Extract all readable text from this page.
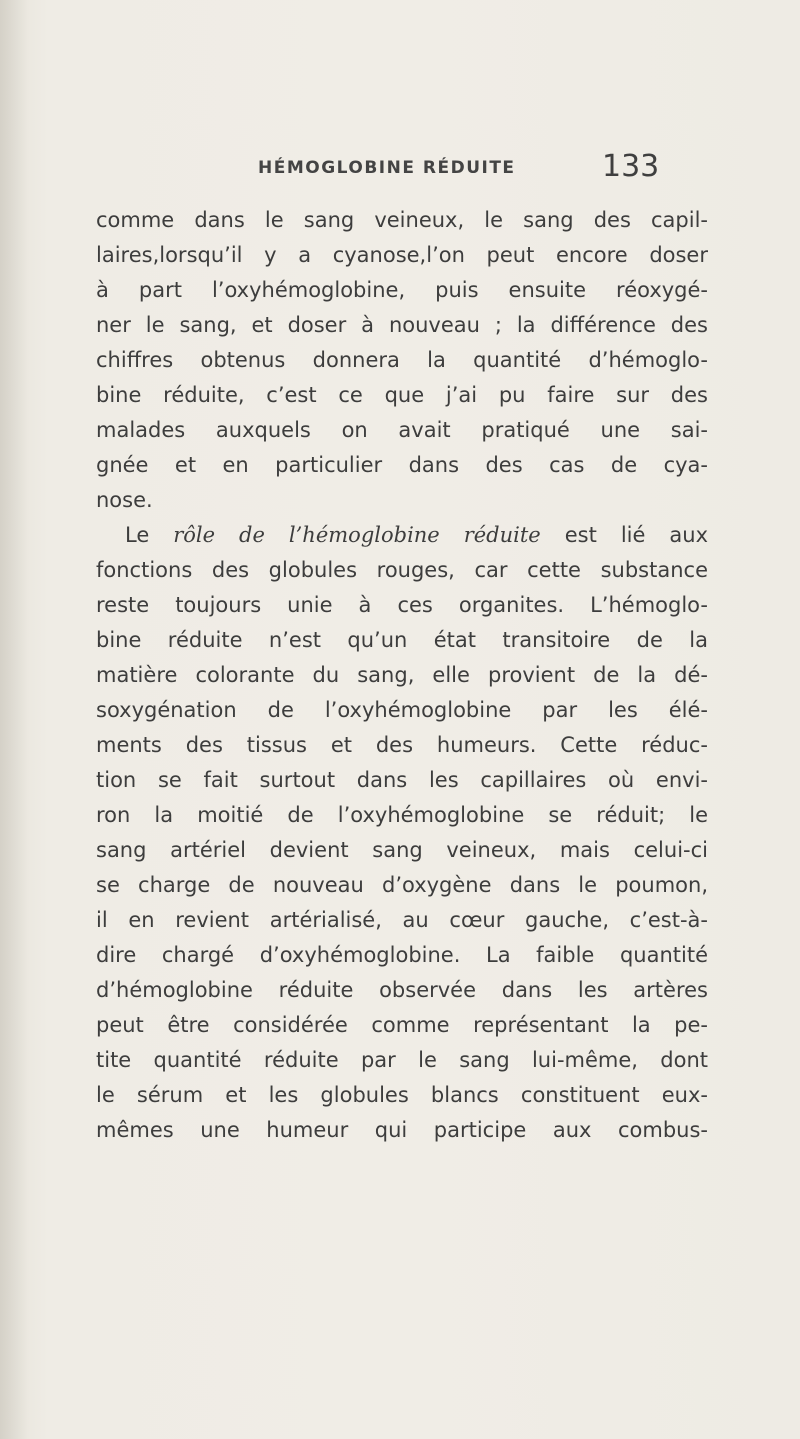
HÉMOGLOBINE RÉDUITE	133
comme dans le sang veineux, le sang des capil-
laires,lorsqu’il y a cyanose,l’on peut encore doser
à part l’oxyhémoglobine, puis ensuite réoxygé-
ner le sang, et doser à nouveau ; la différence des
chiffres obtenus donnera la quantité d’hémoglo-
bine réduite, c’est ce que j’ai pu faire sur des
malades auxquels on avait pratiqué une sai-
gnée et en particulier dans des cas de cya-
nose.
Le rôle de l’hémoglobine réduite est lié aux
fonctions des globules rouges, car cette substance
reste toujours unie à ces organites. L’hémoglo-
bine réduite n’est qu’un état transitoire de la
matière colorante du sang, elle provient de la dé-
soxygénation de l’oxyhémoglobine par les élé-
ments des tissus et des humeurs. Cette réduc-
tion se fait surtout dans les capillaires où envi-
ron la moitié de l’oxyhémoglobine se réduit; le
sang artériel devient sang veineux, mais celui-ci
se charge de nouveau d’oxygène dans le poumon,
il en revient artérialisé, au cœur gauche, c’est-à-
dire chargé d’oxyhémoglobine. La faible quantité
d’hémoglobine réduite observée dans les artères
peut être considérée comme représentant la pe-
tite quantité réduite par le sang lui-même, dont
le sérum et les globules blancs constituent eux-
mêmes une humeur qui participe aux combus-
